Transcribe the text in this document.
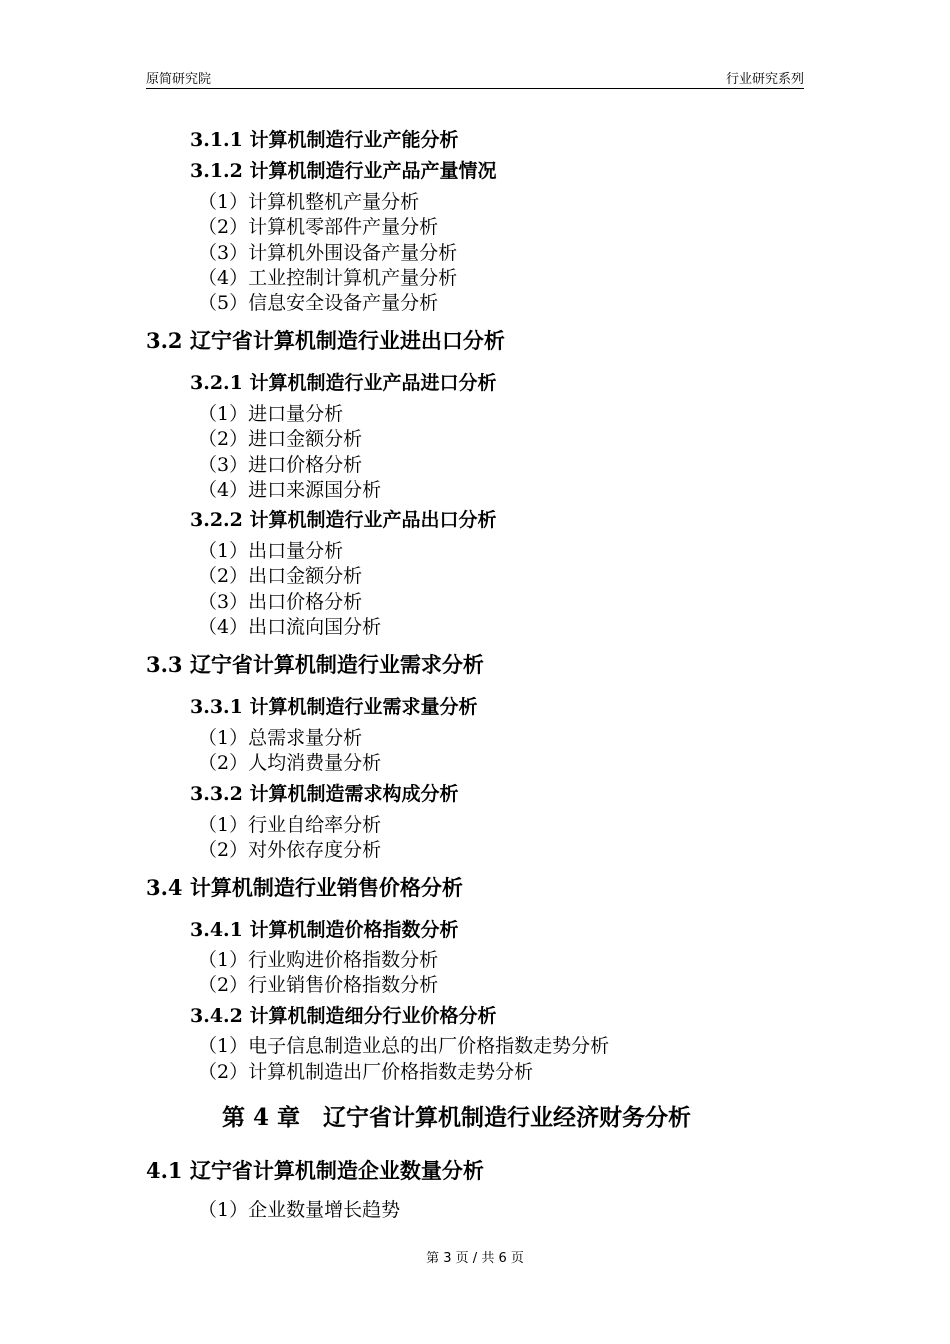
原简研究院	行业研究系列
3.1.1 计算机制造行业产能分析
3.1.2 计算机制造行业产品产量情况
（1）计算机整机产量分析
（2）计算机零部件产量分析
（3）计算机外围设备产量分析
（4）工业控制计算机产量分析
（5）信息安全设备产量分析
3.2 辽宁省计算机制造行业进出口分析
3.2.1 计算机制造行业产品进口分析
（1）进口量分析
（2）进口金额分析
（3）进口价格分析
（4）进口来源国分析
3.2.2 计算机制造行业产品出口分析
（1）出口量分析
（2）出口金额分析
（3）出口价格分析
（4）出口流向国分析
3.3 辽宁省计算机制造行业需求分析
3.3.1 计算机制造行业需求量分析
（1）总需求量分析
（2）人均消费量分析
3.3.2 计算机制造需求构成分析
（1）行业自给率分析
（2）对外依存度分析
3.4 计算机制造行业销售价格分析
3.4.1 计算机制造价格指数分析
（1）行业购进价格指数分析
（2）行业销售价格指数分析
3.4.2 计算机制造细分行业价格分析
（1）电子信息制造业总的出厂价格指数走势分析
（2）计算机制造出厂价格指数走势分析
第 4 章　辽宁省计算机制造行业经济财务分析
4.1 辽宁省计算机制造企业数量分析
（1）企业数量增长趋势
第 3 页 / 共 6 页
